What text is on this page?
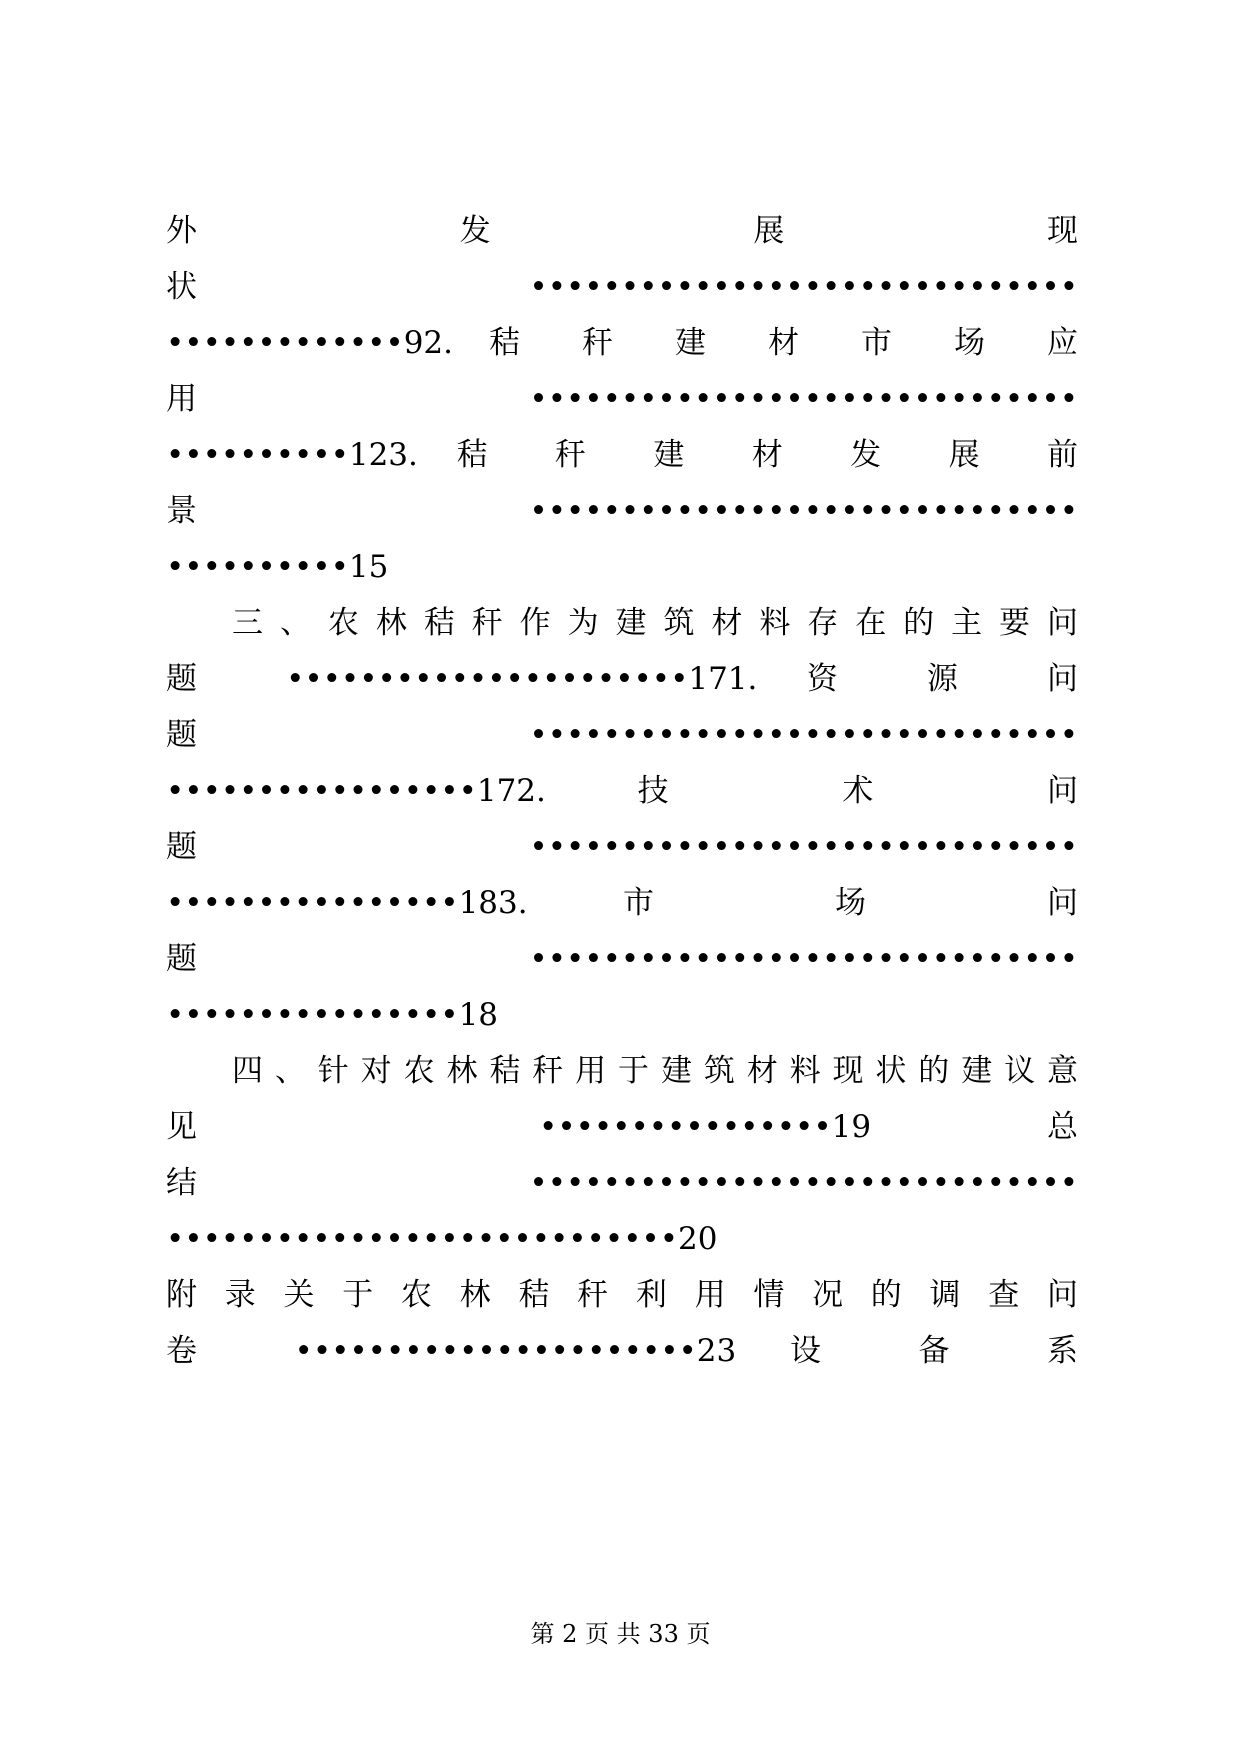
外 发 展 现
状••••••••••••••••••••••••••••••
•••••••••••••92. 秸 秆 建 材 市 场 应
用••••••••••••••••••••••••••••••
••••••••••123. 秸 秆 建 材 发 展 前
景••••••••••••••••••••••••••••••
••••••••••15
三 、 农 林 秸 秆 作 为 建 筑 材 料 存 在 的 主 要 问
题 ••••••••••••••••••••••171. 资 源 问
题••••••••••••••••••••••••••••••
•••••••••••••••••172. 技 术 问
题••••••••••••••••••••••••••••••
••••••••••••••••183. 市 场 问
题••••••••••••••••••••••••••••••
••••••••••••••••18
四 、 针 对 农 林 秸 秆 用 于 建 筑 材 料 现 状 的 建 议 意
见 ••••••••••••••••19 总
结••••••••••••••••••••••••••••••
••••••••••••••••••••••••••••20
附 录 关 于 农 林 秸 秆 利 用 情 况 的 调 查 问
卷 ••••••••••••••••••••••23 设 备 系
第 2 页 共 33 页
